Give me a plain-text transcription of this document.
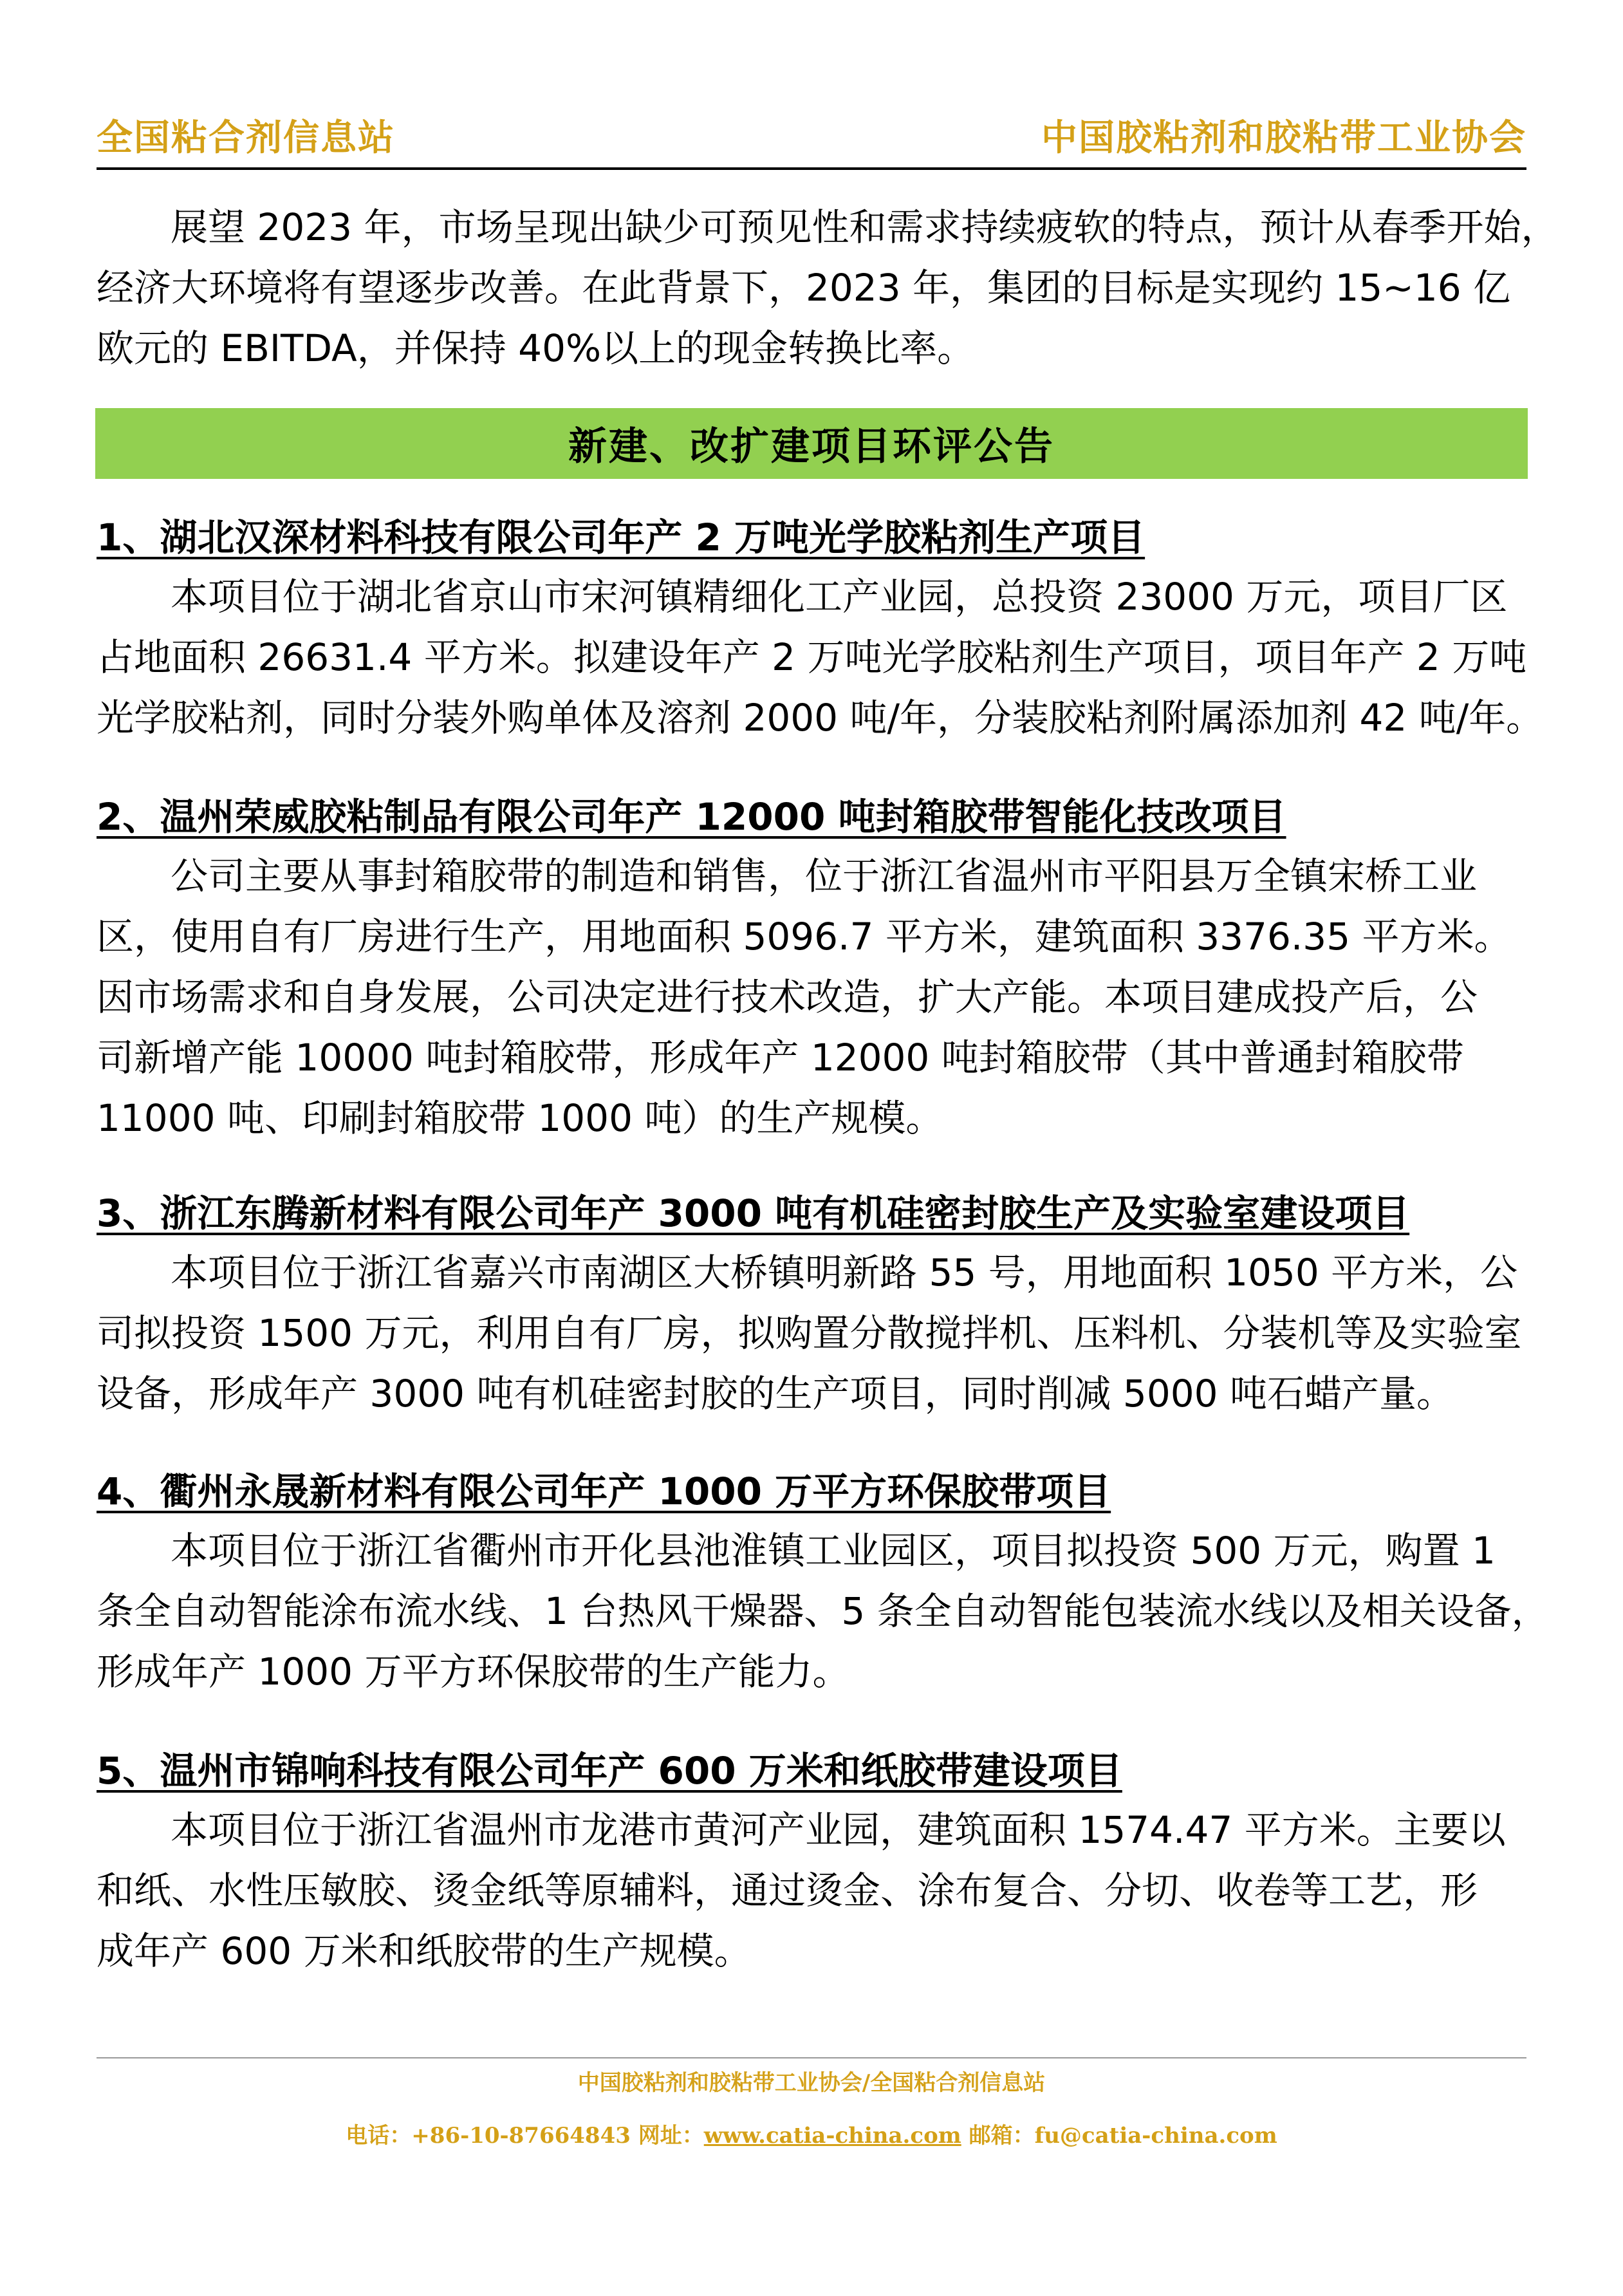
全国粘合剂信息站	中国胶粘剂和胶粘带工业协会
展望 2023 年，市场呈现出缺少可预见性和需求持续疲软的特点，预计从春季开始，
经济大环境将有望逐步改善。在此背景下，2023 年，集团的目标是实现约 15~16 亿
欧元的 EBITDA，并保持 40%以上的现金转换比率。
新建、改扩建项目环评公告
1、湖北汉深材料科技有限公司年产 2 万吨光学胶粘剂生产项目
本项目位于湖北省京山市宋河镇精细化工产业园，总投资 23000 万元，项目厂区
占地面积 26631.4 平方米。拟建设年产 2 万吨光学胶粘剂生产项目，项目年产 2 万吨
光学胶粘剂，同时分装外购单体及溶剂 2000 吨/年，分装胶粘剂附属添加剂 42 吨/年。
2、温州荣威胶粘制品有限公司年产 12000 吨封箱胶带智能化技改项目
公司主要从事封箱胶带的制造和销售，位于浙江省温州市平阳县万全镇宋桥工业
区，使用自有厂房进行生产，用地面积 5096.7 平方米，建筑面积 3376.35 平方米。
因市场需求和自身发展，公司决定进行技术改造，扩大产能。本项目建成投产后，公
司新增产能 10000 吨封箱胶带，形成年产 12000 吨封箱胶带（其中普通封箱胶带
11000 吨、印刷封箱胶带 1000 吨）的生产规模。
3、浙江东腾新材料有限公司年产 3000 吨有机硅密封胶生产及实验室建设项目
本项目位于浙江省嘉兴市南湖区大桥镇明新路 55 号，用地面积 1050 平方米，公
司拟投资 1500 万元，利用自有厂房，拟购置分散搅拌机、压料机、分装机等及实验室
设备，形成年产 3000 吨有机硅密封胶的生产项目，同时削减 5000 吨石蜡产量。
4、衢州永晟新材料有限公司年产 1000 万平方环保胶带项目
本项目位于浙江省衢州市开化县池淮镇工业园区，项目拟投资 500 万元，购置 1
条全自动智能涂布流水线、1 台热风干燥器、5 条全自动智能包装流水线以及相关设备，
形成年产 1000 万平方环保胶带的生产能力。
5、温州市锦响科技有限公司年产 600 万米和纸胶带建设项目
本项目位于浙江省温州市龙港市黄河产业园，建筑面积 1574.47 平方米。主要以
和纸、水性压敏胶、烫金纸等原辅料，通过烫金、涂布复合、分切、收卷等工艺，形
成年产 600 万米和纸胶带的生产规模。
中国胶粘剂和胶粘带工业协会/全国粘合剂信息站
电话：+86-10-87664843 网址：www.catia-china.com 邮箱：fu@catia-china.com
